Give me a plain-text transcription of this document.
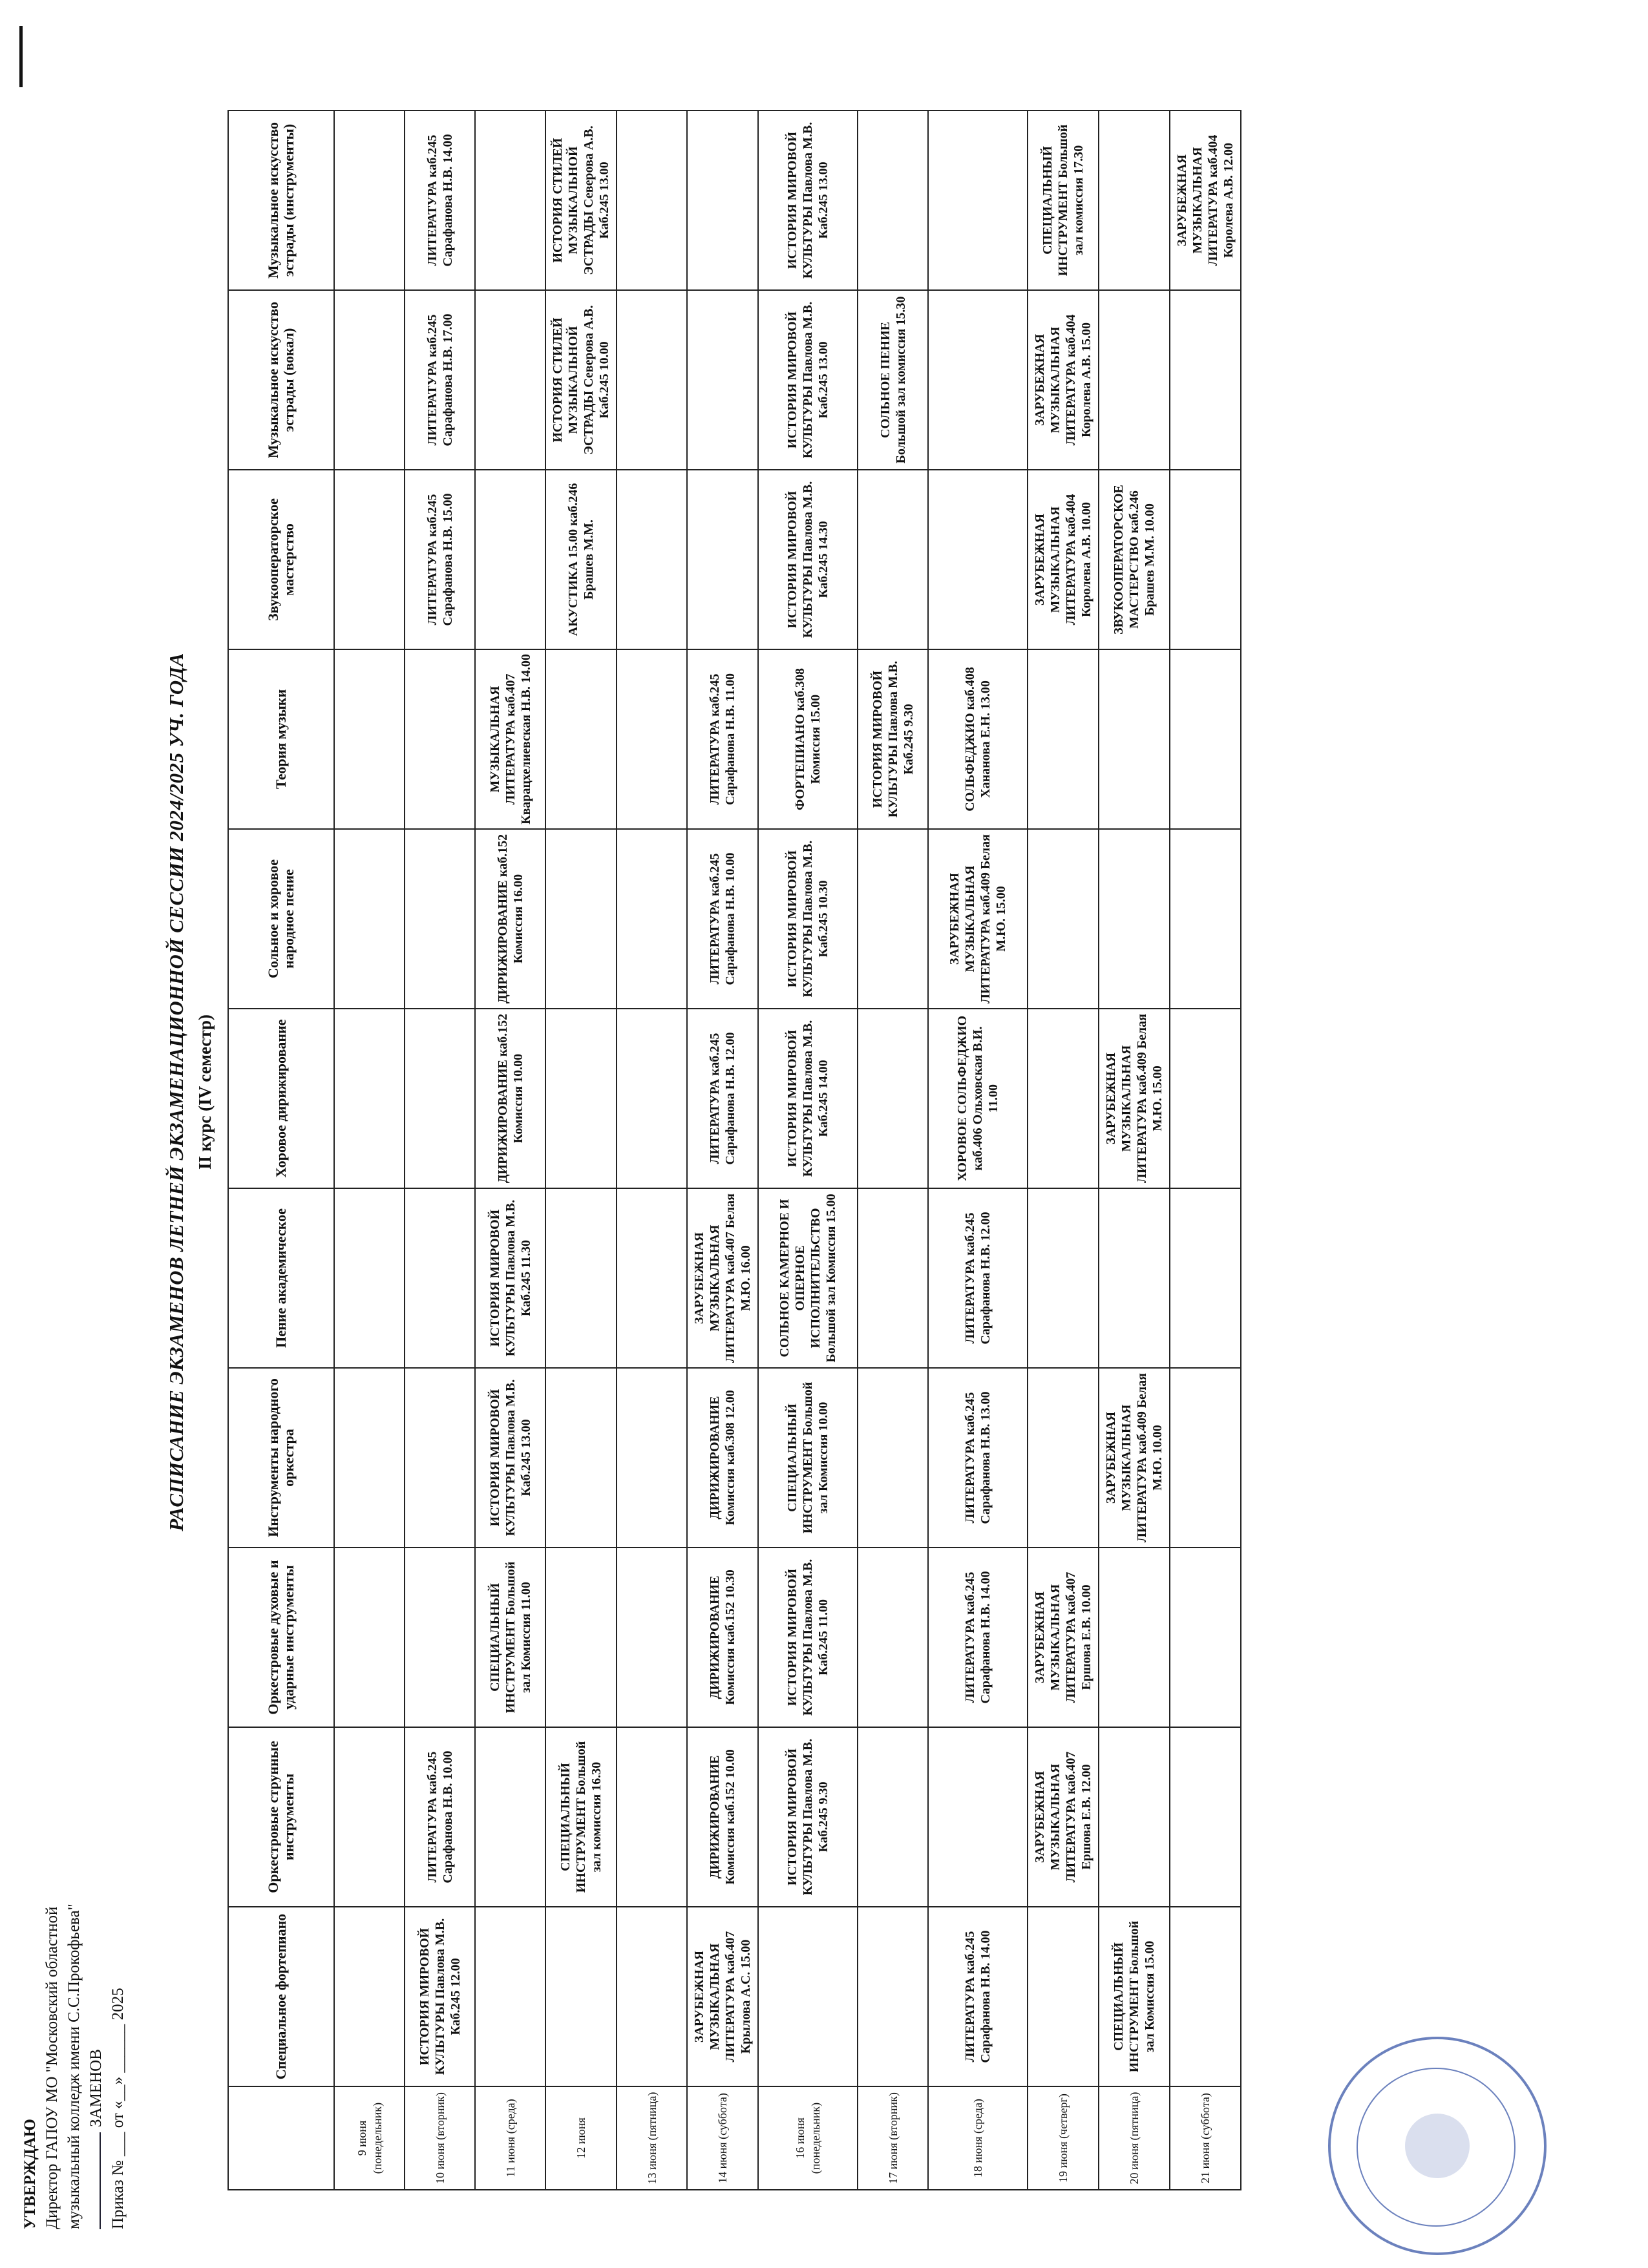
УТВЕРЖДАЮ Директор ГАПОУ МО "Московский областной музыкальный колледж имени С.С.Прокофьева" ЗАМЕНОВ Приказ № ___ от «__» ______ 2025
РАСПИСАНИЕ ЭКЗАМЕНОВ ЛЕТНЕЙ ЭКЗАМЕНАЦИОННОЙ СЕССИИ 2024/2025 УЧ. ГОДА II курс (IV семестр)
	Специальное фортепиано	Оркестровые струнные инструменты	Оркестровые духовые и ударные инструменты	Инструменты народного оркестра	Пение академическое	Хоровое дирижирование	Сольное и хоровое народное пение	Теория музыки	Звукооператорское мастерство	Музыкальное искусство эстрады (вокал)	Музыкальное искусство эстрады (инструменты)
9 июня (понедельник)											
10 июня (вторник)	ИСТОРИЯ МИРОВОЙ КУЛЬТУРЫ Павлова М.В. Каб.245 12.00	ЛИТЕРАТУРА каб.245 Сарафанова Н.В. 10.00							ЛИТЕРАТУРА каб.245 Сарафанова Н.В. 15.00	ЛИТЕРАТУРА каб.245 Сарафанова Н.В. 17.00	ЛИТЕРАТУРА каб.245 Сарафанова Н.В. 14.00
11 июня (среда)			СПЕЦИАЛЬНЫЙ ИНСТРУМЕНТ Большой зал Комиссия 11.00	ИСТОРИЯ МИРОВОЙ КУЛЬТУРЫ Павлова М.В. Каб.245 13.00	ИСТОРИЯ МИРОВОЙ КУЛЬТУРЫ Павлова М.В. Каб.245 11.30	ДИРИЖИРОВАНИЕ каб.152 Комиссия 10.00	ДИРИЖИРОВАНИЕ каб.152 Комиссия 16.00	МУЗЫКАЛЬНАЯ ЛИТЕРАТУРА каб.407 Кварацхелиевская Н.В. 14.00			
12 июня		СПЕЦИАЛЬНЫЙ ИНСТРУМЕНТ Большой зал комиссия 16.30							АКУСТИКА 15.00 каб.246 Брашев М.М.	ИСТОРИЯ СТИЛЕЙ МУЗЫКАЛЬНОЙ ЭСТРАДЫ Северова А.В. Каб.245 10.00	ИСТОРИЯ СТИЛЕЙ МУЗЫКАЛЬНОЙ ЭСТРАДЫ Северова А.В. Каб.245 13.00
13 июня (пятница)											
14 июня (суббота)	ЗАРУБЕЖНАЯ МУЗЫКАЛЬНАЯ ЛИТЕРАТУРА каб.407 Крылова А.С. 15.00	ДИРИЖИРОВАНИЕ Комиссия каб.152 10.00	ДИРИЖИРОВАНИЕ Комиссия каб.152 10.30	ДИРИЖИРОВАНИЕ Комиссия каб.308 12.00	ЗАРУБЕЖНАЯ МУЗЫКАЛЬНАЯ ЛИТЕРАТУРА каб.407 Белая М.Ю. 16.00	ЛИТЕРАТУРА каб.245 Сарафанова Н.В. 12.00	ЛИТЕРАТУРА каб.245 Сарафанова Н.В. 10.00	ЛИТЕРАТУРА каб.245 Сарафанова Н.В. 11.00			
16 июня (понедельник)		ИСТОРИЯ МИРОВОЙ КУЛЬТУРЫ Павлова М.В. Каб.245 9.30	ИСТОРИЯ МИРОВОЙ КУЛЬТУРЫ Павлова М.В. Каб.245 11.00	СПЕЦИАЛЬНЫЙ ИНСТРУМЕНТ Большой зал Комиссия 10.00	СОЛЬНОЕ КАМЕРНОЕ И ОПЕРНОЕ ИСПОЛНИТЕЛЬСТВО Большой зал Комиссия 15.00	ИСТОРИЯ МИРОВОЙ КУЛЬТУРЫ Павлова М.В. Каб.245 14.00	ИСТОРИЯ МИРОВОЙ КУЛЬТУРЫ Павлова М.В. Каб.245 10.30	ФОРТЕПИАНО каб.308 Комиссия 15.00	ИСТОРИЯ МИРОВОЙ КУЛЬТУРЫ Павлова М.В. Каб.245 14.30	ИСТОРИЯ МИРОВОЙ КУЛЬТУРЫ Павлова М.В. Каб.245 13.00	ИСТОРИЯ МИРОВОЙ КУЛЬТУРЫ Павлова М.В. Каб.245 13.00
17 июня (вторник)								ИСТОРИЯ МИРОВОЙ КУЛЬТУРЫ Павлова М.В. Каб.245 9.30		СОЛЬНОЕ ПЕНИЕ Большой зал комиссия 15.30	
18 июня (среда)	ЛИТЕРАТУРА каб.245 Сарафанова Н.В. 14.00		ЛИТЕРАТУРА каб.245 Сарафанова Н.В. 14.00	ЛИТЕРАТУРА каб.245 Сарафанова Н.В. 13.00	ЛИТЕРАТУРА каб.245 Сарафанова Н.В. 12.00	ХОРОВОЕ СОЛЬФЕДЖИО каб.406 Ольховская В.И. 11.00	ЗАРУБЕЖНАЯ МУЗЫКАЛЬНАЯ ЛИТЕРАТУРА каб.409 Белая М.Ю. 15.00	СОЛЬФЕДЖИО каб.408 Хананова Е.Н. 13.00			
19 июня (четверг)		ЗАРУБЕЖНАЯ МУЗЫКАЛЬНАЯ ЛИТЕРАТУРА каб.407 Ершова Е.В. 12.00	ЗАРУБЕЖНАЯ МУЗЫКАЛЬНАЯ ЛИТЕРАТУРА каб.407 Ершова Е.В. 10.00						ЗАРУБЕЖНАЯ МУЗЫКАЛЬНАЯ ЛИТЕРАТУРА каб.404 Королева А.В. 10.00	ЗАРУБЕЖНАЯ МУЗЫКАЛЬНАЯ ЛИТЕРАТУРА каб.404 Королева А.В. 15.00	СПЕЦИАЛЬНЫЙ ИНСТРУМЕНТ Большой зал комиссия 17.30
20 июня (пятница)	СПЕЦИАЛЬНЫЙ ИНСТРУМЕНТ Большой зал Комиссия 15.00			ЗАРУБЕЖНАЯ МУЗЫКАЛЬНАЯ ЛИТЕРАТУРА каб.409 Белая М.Ю. 10.00		ЗАРУБЕЖНАЯ МУЗЫКАЛЬНАЯ ЛИТЕРАТУРА каб.409 Белая М.Ю. 15.00			ЗВУКООПЕРАТОРСКОЕ МАСТЕРСТВО каб.246 Брашев М.М. 10.00		
21 июня (суббота)											ЗАРУБЕЖНАЯ МУЗЫКАЛЬНАЯ ЛИТЕРАТУРА каб.404 Королева А.В. 12.00
